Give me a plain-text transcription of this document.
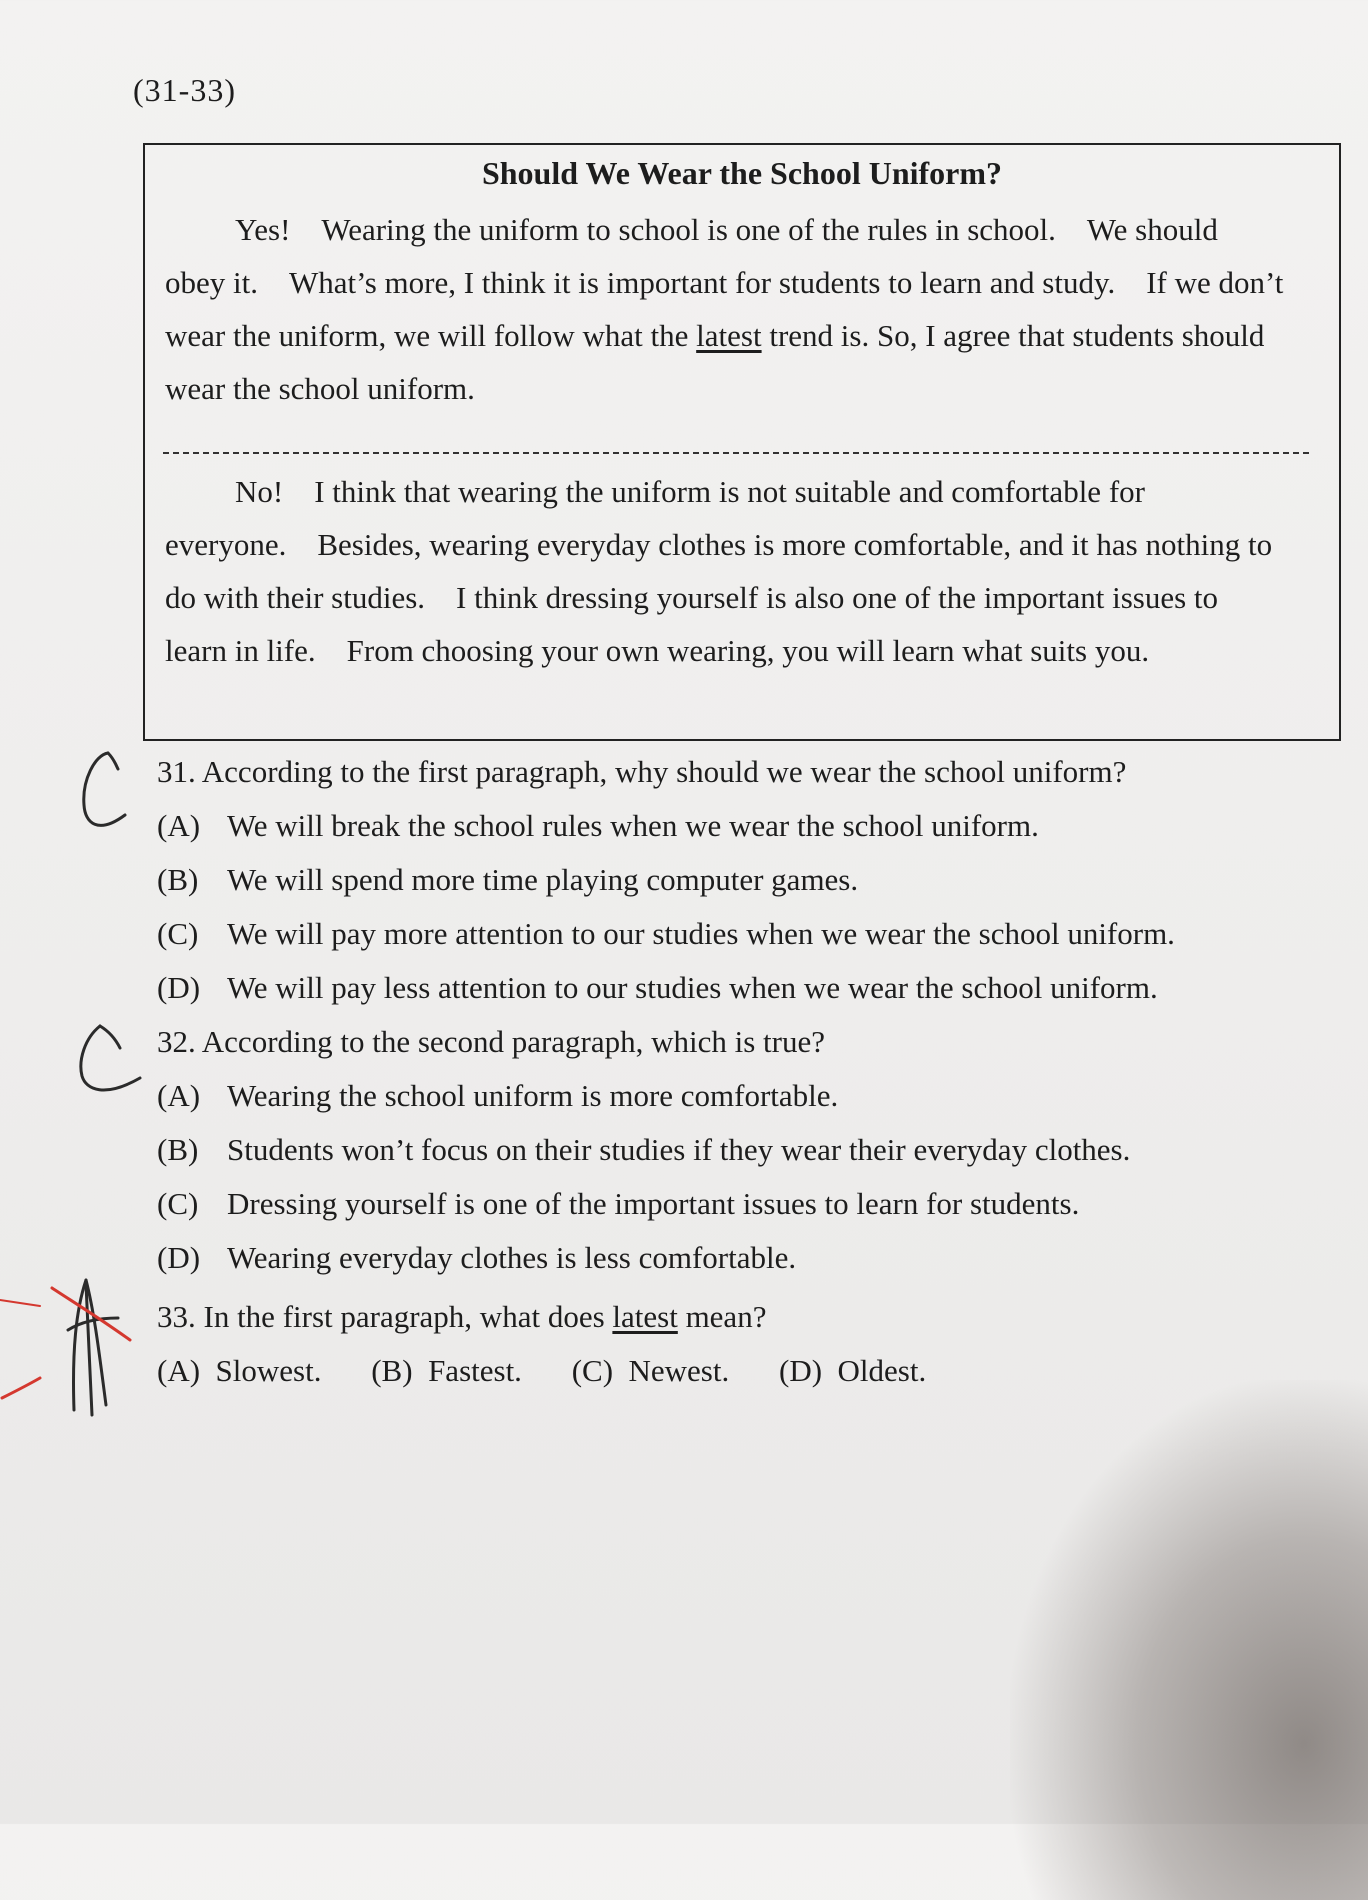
(31-33)
Should We Wear the School Uniform?
Yes! Wearing the uniform to school is one of the rules in school. We should obey it. What’s more, I think it is important for students to learn and study. If we don’t wear the uniform, we will follow what the latest trend is. So, I agree that students should wear the school uniform.
No! I think that wearing the uniform is not suitable and comfortable for everyone. Besides, wearing everyday clothes is more comfortable, and it has nothing to do with their studies. I think dressing yourself is also one of the important issues to learn in life. From choosing your own wearing, you will learn what suits you.
31. According to the first paragraph, why should we wear the school uniform?
(A) We will break the school rules when we wear the school uniform.
(B) We will spend more time playing computer games.
(C) We will pay more attention to our studies when we wear the school uniform.
(D) We will pay less attention to our studies when we wear the school uniform.
32. According to the second paragraph, which is true?
(A) Wearing the school uniform is more comfortable.
(B) Students won’t focus on their studies if they wear their everyday clothes.
(C) Dressing yourself is one of the important issues to learn for students.
(D) Wearing everyday clothes is less comfortable.
33. In the first paragraph, what does latest mean?
(A) Slowest. (B) Fastest. (C) Newest. (D) Oldest.
